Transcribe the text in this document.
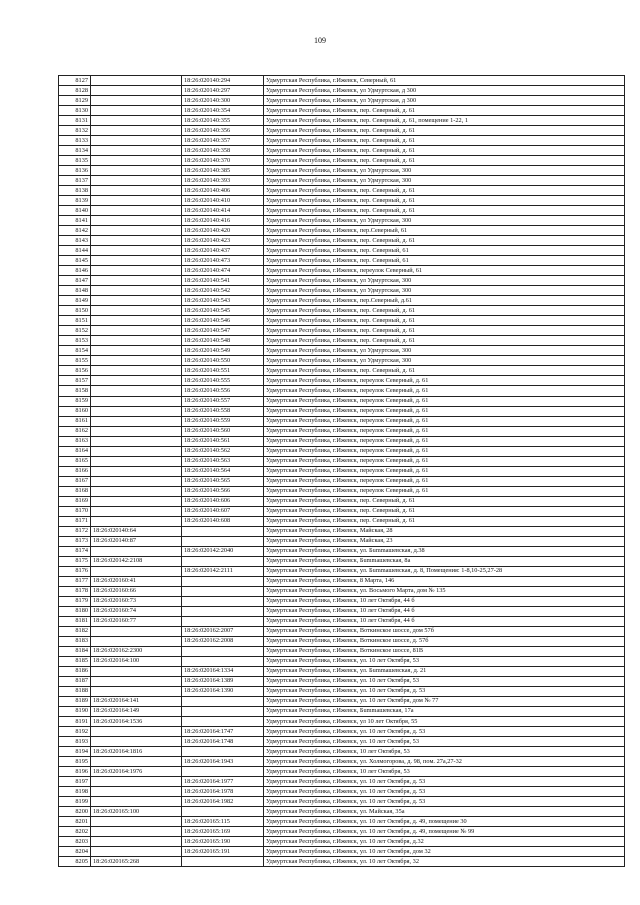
109
8127		18:26:020140:294	Удмуртская Республика, г.Ижевск, Северный, 61
8128		18:26:020140:297	Удмуртская Республика, г.Ижевск, ул Удмуртская, д 300
8129		18:26:020140:300	Удмуртская Республика, г.Ижевск, ул Удмуртская, д 300
8130		18:26:020140:354	Удмуртская Республика, г.Ижевск, пер. Северный, д. 61
8131		18:26:020140:355	Удмуртская Республика, г.Ижевск, пер. Северный, д. 61, помещение 1-22, 1
8132		18:26:020140:356	Удмуртская Республика, г.Ижевск, пер. Северный, д. 61
8133		18:26:020140:357	Удмуртская Республика, г.Ижевск, пер. Северный, д. 61
8134		18:26:020140:358	Удмуртская Республика, г.Ижевск, пер. Северный, д. 61
8135		18:26:020140:370	Удмуртская Республика, г.Ижевск, пер. Северный, д. 61
8136		18:26:020140:385	Удмуртская Республика, г.Ижевск, ул Удмуртская, 300
8137		18:26:020140:393	Удмуртская Республика, г.Ижевск, ул Удмуртская, 300
8138		18:26:020140:406	Удмуртская Республика, г.Ижевск, пер. Северный, д. 61
8139		18:26:020140:410	Удмуртская Республика, г.Ижевск, пер. Северный, д. 61
8140		18:26:020140:414	Удмуртская Республика, г.Ижевск, пер. Северный, д. 61
8141		18:26:020140:416	Удмуртская Республика, г.Ижевск, ул Удмуртская, 300
8142		18:26:020140:420	Удмуртская Республика, г.Ижевск, пер.Северный, 61
8143		18:26:020140:423	Удмуртская Республика, г.Ижевск, пер. Северный, д. 61
8144		18:26:020140:437	Удмуртская Республика, г.Ижевск, пер. Северный, 61
8145		18:26:020140:473	Удмуртская Республика, г.Ижевск, пер. Северный, 61
8146		18:26:020140:474	Удмуртская Республика, г.Ижевск, переулок Северный, 61
8147		18:26:020140:541	Удмуртская Республика, г.Ижевск, ул Удмуртская, 300
8148		18:26:020140:542	Удмуртская Республика, г.Ижевск, ул Удмуртская, 300
8149		18:26:020140:543	Удмуртская Республика, г.Ижевск, пер.Северный, д.61
8150		18:26:020140:545	Удмуртская Республика, г.Ижевск, пер. Северный, д. 61
8151		18:26:020140:546	Удмуртская Республика, г.Ижевск, пер. Северный, д. 61
8152		18:26:020140:547	Удмуртская Республика, г.Ижевск, пер. Северный, д. 61
8153		18:26:020140:548	Удмуртская Республика, г.Ижевск, пер. Северный, д. 61
8154		18:26:020140:549	Удмуртская Республика, г.Ижевск, ул Удмуртская, 300
8155		18:26:020140:550	Удмуртская Республика, г.Ижевск, ул Удмуртская, 300
8156		18:26:020140:551	Удмуртская Республика, г.Ижевск, пер. Северный, д. 61
8157		18:26:020140:555	Удмуртская Республика, г.Ижевск, переулок Северный, д. 61
8158		18:26:020140:556	Удмуртская Республика, г.Ижевск, переулок Северный, д. 61
8159		18:26:020140:557	Удмуртская Республика, г.Ижевск, переулок Северный, д. 61
8160		18:26:020140:558	Удмуртская Республика, г.Ижевск, переулок Северный, д. 61
8161		18:26:020140:559	Удмуртская Республика, г.Ижевск, переулок Северный, д. 61
8162		18:26:020140:560	Удмуртская Республика, г.Ижевск, переулок Северный, д. 61
8163		18:26:020140:561	Удмуртская Республика, г.Ижевск, переулок Северный, д. 61
8164		18:26:020140:562	Удмуртская Республика, г.Ижевск, переулок Северный, д. 61
8165		18:26:020140:563	Удмуртская Республика, г.Ижевск, переулок Северный, д. 61
8166		18:26:020140:564	Удмуртская Республика, г.Ижевск, переулок Северный, д. 61
8167		18:26:020140:565	Удмуртская Республика, г.Ижевск, переулок Северный, д. 61
8168		18:26:020140:566	Удмуртская Республика, г.Ижевск, переулок Северный, д. 61
8169		18:26:020140:606	Удмуртская Республика, г.Ижевск, пер. Северный, д. 61
8170		18:26:020140:607	Удмуртская Республика, г.Ижевск, пер. Северный, д. 61
8171		18:26:020140:608	Удмуртская Республика, г.Ижевск, пер. Северный, д. 61
8172	18:26:020140:64		Удмуртская Республика, г.Ижевск, Майская, 28
8173	18:26:020140:87		Удмуртская Республика, г.Ижевск, Майская, 23
8174		18:26:020142:2040	Удмуртская Республика, г.Ижевск, ул. Бummашевская, д.38
8175	18:26:020142:2108		Удмуртская Республика, г.Ижевск, Бummашевская, 8а
8176		18:26:020142:2111	Удмуртская Республика, г.Ижевск, ул. Бummашевская, д. 8, Помещения: 1-8,10-25,27-28
8177	18:26:020160:41		Удмуртская Республика, г.Ижевск, 8 Марта, 146
8178	18:26:020160:66		Удмуртская Республика, г.Ижевск, ул. Восьмого Марта, дом № 135
8179	18:26:020160:73		Удмуртская Республика, г.Ижевск, 10 лет Октября, 44 б
8180	18:26:020160:74		Удмуртская Республика, г.Ижевск, 10 лет Октября, 44 б
8181	18:26:020160:77		Удмуртская Республика, г.Ижевск, 10 лет Октября, 44 б
8182		18:26:020162:2007	Удмуртская Республика, г.Ижевск, Воткинское шоссе, дом 57б
8183		18:26:020162:2008	Удмуртская Республика, г.Ижевск, Воткинское шоссе, д. 57б
8184	18:26:020162:2300		Удмуртская Республика, г.Ижевск, Воткинское шоссе, 81В
8185	18:26:020164:100		Удмуртская Республика, г.Ижевск, ул. 10 лет Октября, 53
8186		18:26:020164:1334	Удмуртская Республика, г.Ижевск, ул. Бummашевская, д. 21
8187		18:26:020164:1389	Удмуртская Республика, г.Ижевск, ул. 10 лет Октября, 53
8188		18:26:020164:1390	Удмуртская Республика, г.Ижевск, ул. 10 лет Октября, д. 53
8189	18:26:020164:141		Удмуртская Республика, г.Ижевск, ул. 10 лет Октября, дом № 77
8190	18:26:020164:149		Удмуртская Республика, г.Ижевск, Бummашевская, 17а
8191	18:26:020164:1536		Удмуртская Республика, г.Ижевск, ул 10 лет Октября, 55
8192		18:26:020164:1747	Удмуртская Республика, г.Ижевск, ул. 10 лет Октября, д. 53
8193		18:26:020164:1748	Удмуртская Республика, г.Ижевск, ул. 10 лет Октября, 53
8194	18:26:020164:1816		Удмуртская Республика, г.Ижевск, 10 лет Октября, 53
8195		18:26:020164:1943	Удмуртская Республика, г.Ижевск, ул. Холмогорова, д. 98, пом. 27а,27-32
8196	18:26:020164:1976		Удмуртская Республика, г.Ижевск, 10 лет Октября, 53
8197		18:26:020164:1977	Удмуртская Республика, г.Ижевск, ул. 10 лет Октября, д. 53
8198		18:26:020164:1978	Удмуртская Республика, г.Ижевск, ул. 10 лет Октября, д. 53
8199		18:26:020164:1982	Удмуртская Республика, г.Ижевск, ул. 10 лет Октября, д. 53
8200	18:26:020165:100		Удмуртская Республика, г.Ижевск, ул. Майская, 35а
8201		18:26:020165:115	Удмуртская Республика, г.Ижевск, ул. 10 лет Октября, д. 49, помещение 30
8202		18:26:020165:169	Удмуртская Республика, г.Ижевск, ул. 10 лет Октября, д. 49, помещение № 99
8203		18:26:020165:190	Удмуртская Республика, г.Ижевск, ул. 10 лет Октября, д.32
8204		18:26:020165:191	Удмуртская Республика, г.Ижевск, ул. 10 лет Октября, дом 32
8205	18:26:020165:268		Удмуртская Республика, г.Ижевск, ул. 10 лет Октября, 32
